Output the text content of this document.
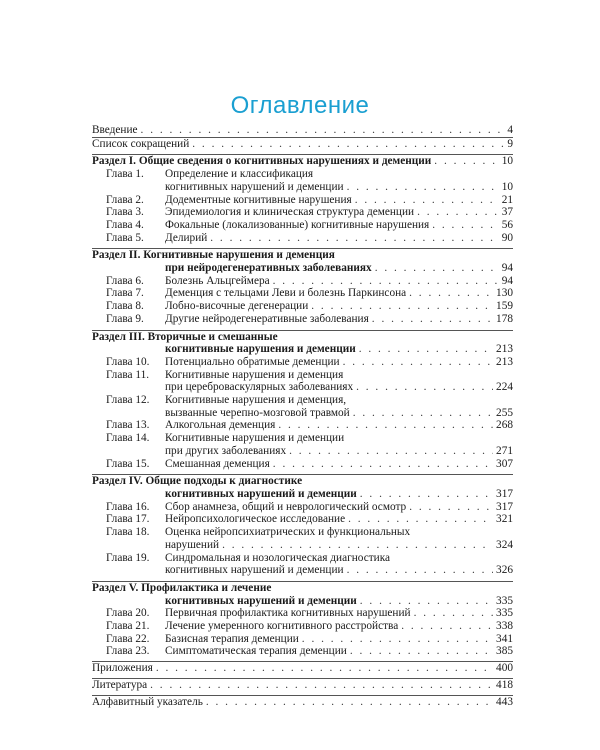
Оглавление
Введение . . .	4
Список сокращений . . .	9
Раздел I. Общие сведения о когнитивных нарушениях и деменции . . .	10
Глава 1. Определение и классификация
когнитивных нарушений и деменции . . .	10
Глава 2. Додементные когнитивные нарушения . . .	21
Глава 3. Эпидемиология и клиническая структура деменции . . .	37
Глава 4. Фокальные (локализованные) когнитивные нарушения . . .	56
Глава 5. Делирий . . .	90
Раздел II. Когнитивные нарушения и деменция
при нейродегенеративных заболеваниях . . .	94
Глава 6. Болезнь Альцгеймера . . .	94
Глава 7. Деменция с тельцами Леви и болезнь Паркинсона . . .	130
Глава 8. Лобно-височные дегенерации . . .	159
Глава 9. Другие нейродегенеративные заболевания . . .	178
Раздел III. Вторичные и смешанные
когнитивные нарушения и деменции . . .	213
Глава 10. Потенциально обратимые деменции . . .	213
Глава 11. Когнитивные нарушения и деменция
при цереброваскулярных заболеваниях . . .	224
Глава 12. Когнитивные нарушения и деменция,
вызванные черепно-мозговой травмой . . .	255
Глава 13. Алкогольная деменция . . .	268
Глава 14. Когнитивные нарушения и деменции
при других заболеваниях . . .	271
Глава 15. Смешанная деменция . . .	307
Раздел IV. Общие подходы к диагностике
когнитивных нарушений и деменции . . .	317
Глава 16. Сбор анамнеза, общий и неврологический осмотр . . .	317
Глава 17. Нейропсихологическое исследование . . .	321
Глава 18. Оценка нейропсихиатрических и функциональных
нарушений . . .	324
Глава 19. Синдромальная и нозологическая диагностика
когнитивных нарушений и деменции . . .	326
Раздел V. Профилактика и лечение
когнитивных нарушений и деменции . . .	335
Глава 20. Первичная профилактика когнитивных нарушений . . .	335
Глава 21. Лечение умеренного когнитивного расстройства . . .	338
Глава 22. Базисная терапия деменции . . .	341
Глава 23. Симптоматическая терапия деменции . . .	385
Приложения . . .	400
Литература . . .	418
Алфавитный указатель . . .	443
